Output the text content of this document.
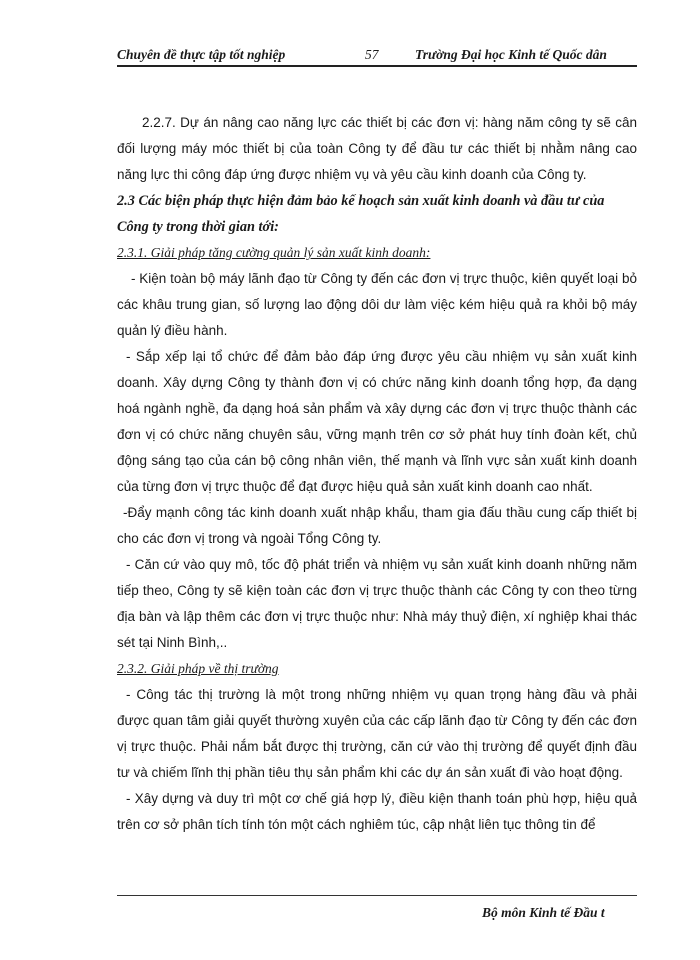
Chuyên đề thực tập tốt nghiệp	57	Trường Đại học Kinh tế Quốc dân

2.2.7. Dự án nâng cao năng lực các thiết bị các đơn vị: hàng năm công ty sẽ cân đối lượng máy móc thiết bị của toàn Công ty để đầu tư các thiết bị nhằm nâng cao năng lực thi công đáp ứng được nhiệm vụ và yêu cầu kinh doanh của Công ty.

2.3 Các biện pháp thực hiện đảm bảo kế hoạch sản xuất kinh doanh và đầu tư của Công ty trong thời gian tới:

2.3.1. Giải pháp tăng cường quản lý sản xuất kinh doanh:

- Kiện toàn bộ máy lãnh đạo từ Công ty đến các đơn vị trực thuộc, kiên quyết loại bỏ các khâu trung gian, số lượng lao động dôi dư làm việc kém hiệu quả ra khỏi bộ máy quản lý điều hành.

- Sắp xếp lại tổ chức để đảm bảo đáp ứng được yêu cầu nhiệm vụ sản xuất kinh doanh. Xây dựng Công ty thành đơn vị có chức năng kinh doanh tổng hợp, đa dạng hoá ngành nghề, đa dạng hoá sản phẩm và xây dựng các đơn vị trực thuộc thành các đơn vị có chức năng chuyên sâu, vững mạnh trên cơ sở phát huy tính đoàn kết, chủ động sáng tạo của cán bộ công nhân viên, thế mạnh và lĩnh vực sản xuất kinh doanh của từng đơn vị trực thuộc để đạt được hiệu quả sản xuất kinh doanh cao nhất.

-Đẩy mạnh công tác kinh doanh xuất nhập khẩu, tham gia đấu thầu cung cấp thiết bị cho các đơn vị trong và ngoài Tổng Công ty.

- Căn cứ vào quy mô, tốc độ phát triển và nhiệm vụ sản xuất kinh doanh những năm tiếp theo, Công ty sẽ kiện toàn các đơn vị trực thuộc thành các Công ty con theo từng địa bàn và lập thêm các đơn vị trực thuộc như: Nhà máy thuỷ điện, xí nghiệp khai thác sét tại Ninh Bình,..

2.3.2. Giải pháp về thị trường

- Công tác thị trường là một trong những nhiệm vụ quan trọng hàng đầu và phải được quan tâm giải quyết thường xuyên của các cấp lãnh đạo từ Công ty đến các đơn vị trực thuộc. Phải nắm bắt được thị trường, căn cứ vào thị trường để quyết định đầu tư và chiếm lĩnh thị phần tiêu thụ sản phẩm khi các dự án sản xuất đi vào hoạt động.

- Xây dựng và duy trì một cơ chế giá hợp lý, điều kiện thanh toán phù hợp, hiệu quả trên cơ sở phân tích tính tón một cách nghiêm túc, cập nhật liên tục thông tin để

Bộ môn Kinh tế Đầu t
